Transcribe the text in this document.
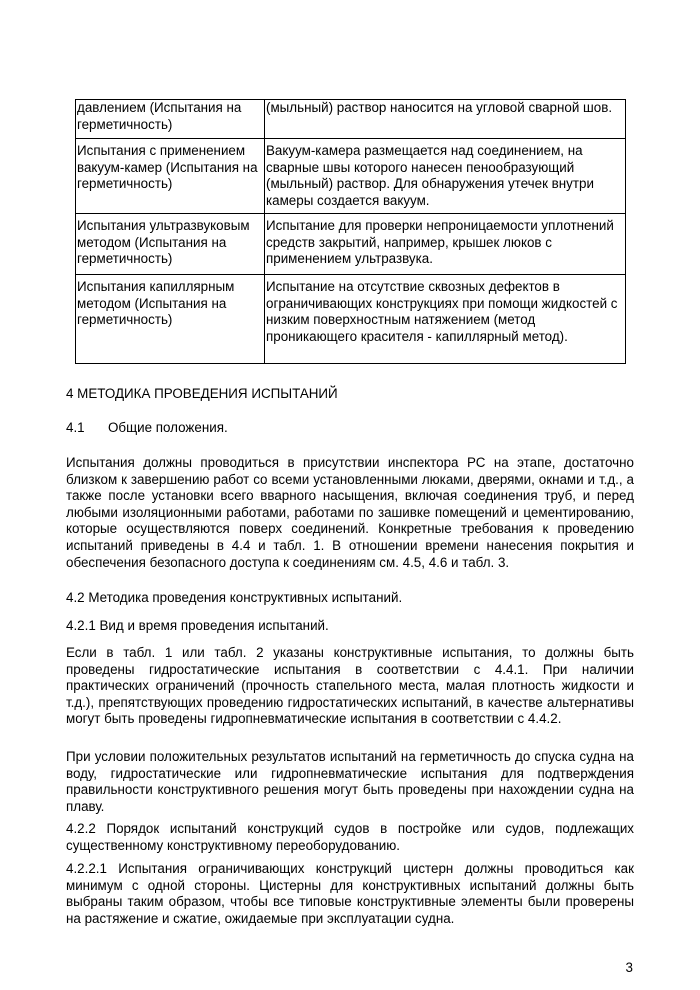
давлением (Испытания на герметичность)	(мыльный) раствор наносится на угловой сварной шов.
Испытания с применением вакуум-камер (Испытания на герметичность)	Вакуум-камера размещается над соединением, на сварные швы которого нанесен пенообразующий (мыльный) раствор. Для обнаружения утечек внутри камеры создается вакуум.
Испытания ультразвуковым методом (Испытания на герметичность)	Испытание для проверки непроницаемости уплотнений средств закрытий, например, крышек люков с применением ультразвука.
Испытания капиллярным методом (Испытания на герметичность)	Испытание на отсутствие сквозных дефектов в ограничивающих конструкциях при помощи жидкостей с низким поверхностным натяжением (метод проникающего красителя - капиллярный метод).
4 МЕТОДИКА ПРОВЕДЕНИЯ ИСПЫТАНИЙ
4.1 Общие положения.
Испытания должны проводиться в присутствии инспектора РС на этапе, достаточно близком к завершению работ со всеми установленными люками, дверями, окнами и т.д., а также после установки всего вварного насыщения, включая соединения труб, и перед любыми изоляционными работами, работами по зашивке помещений и цементированию, которые осуществляются поверх соединений. Конкретные требования к проведению испытаний приведены в 4.4 и табл. 1. В отношении времени нанесения покрытия и обеспечения безопасного доступа к соединениям см. 4.5, 4.6 и табл. 3.
4.2 Методика проведения конструктивных испытаний.
4.2.1 Вид и время проведения испытаний.
Если в табл. 1 или табл. 2 указаны конструктивные испытания, то должны быть проведены гидростатические испытания в соответствии с 4.4.1. При наличии практических ограничений (прочность стапельного места, малая плотность жидкости и т.д.), препятствующих проведению гидростатических испытаний, в качестве альтернативы могут быть проведены гидропневматические испытания в соответствии с 4.4.2.
При условии положительных результатов испытаний на герметичность до спуска судна на воду, гидростатические или гидропневматические испытания для подтверждения правильности конструктивного решения могут быть проведены при нахождении судна на плаву.
4.2.2 Порядок испытаний конструкций судов в постройке или судов, подлежащих существенному конструктивному переоборудованию.
4.2.2.1 Испытания ограничивающих конструкций цистерн должны проводиться как минимум с одной стороны. Цистерны для конструктивных испытаний должны быть выбраны таким образом, чтобы все типовые конструктивные элементы были проверены на растяжение и сжатие, ожидаемые при эксплуатации судна.
3
